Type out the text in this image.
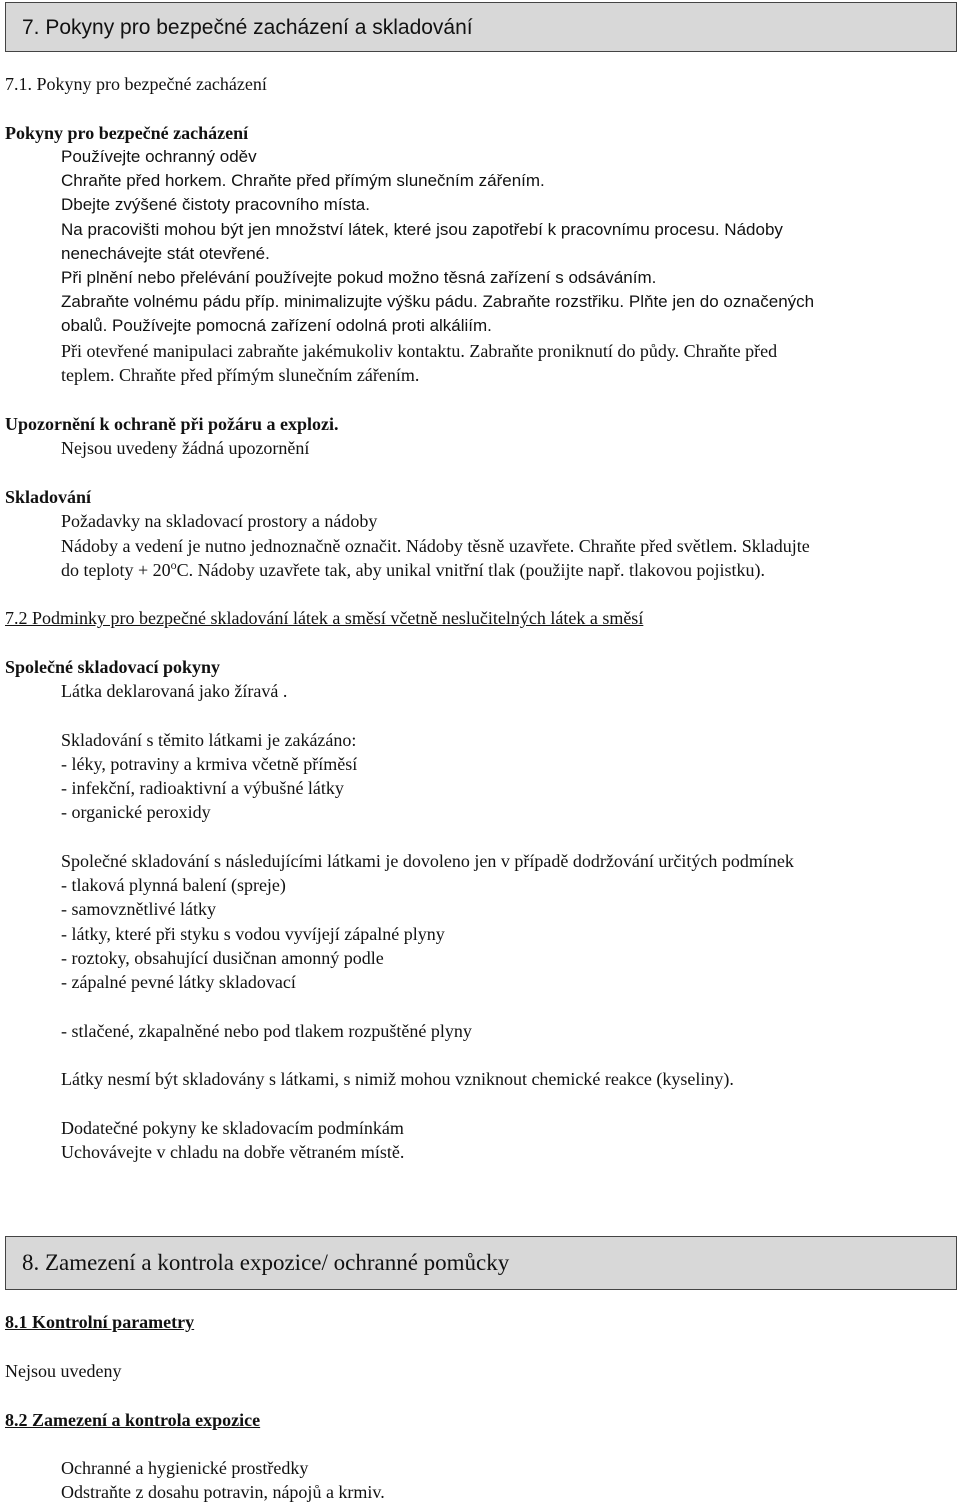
7. Pokyny pro bezpečné zacházení a skladování
7.1. Pokyny pro bezpečné zacházení
Pokyny pro bezpečné zacházení
Používejte ochranný oděv
Chraňte před horkem. Chraňte před přímým slunečním zářením.
Dbejte zvýšené čistoty pracovního místa.
Na pracovišti mohou být jen množství látek, které jsou zapotřebí k pracovnímu procesu. Nádoby
nenechávejte stát otevřené.
Při plnění nebo přelévání používejte pokud možno těsná zařízení s odsáváním.
Zabraňte volnému pádu příp. minimalizujte výšku pádu. Zabraňte rozstřiku. Plňte jen do označených
obalů. Používejte pomocná zařízení odolná proti alkáliím.
Při otevřené manipulaci zabraňte jakémukoliv kontaktu. Zabraňte proniknutí do půdy. Chraňte před
teplem. Chraňte před přímým slunečním zářením.
Upozornění k ochraně při požáru a explozi.
Nejsou uvedeny žádná upozornění
Skladování
Požadavky na skladovací prostory a nádoby
Nádoby a vedení je nutno jednoznačně označit. Nádoby těsně uzavřete. Chraňte před světlem. Skladujte
do teploty + $20^oC$. Nádoby uzavřete tak, aby unikal vnitřní tlak (použijte např. tlakovou pojistku).
7.2 Podminky pro bezpečné skladování látek a směsí včetně neslučitelných látek a směsí
Společné skladovací pokyny
Látka deklarovaná jako žíravá .
Skladování s těmito látkami je zakázáno:
- léky, potraviny a krmiva včetně příměsí
- infekční, radioaktivní a výbušné látky
- organické peroxidy
Společné skladování s následujícími látkami je dovoleno jen v případě dodržování určitých podmínek
- tlaková plynná balení (spreje)
- samovznětlivé látky
- látky, které při styku s vodou vyvíjejí zápalné plyny
- roztoky, obsahující dusičnan amonný podle
- zápalné pevné látky skladovací
- stlačené, zkapalněné nebo pod tlakem rozpuštěné plyny
Látky nesmí být skladovány s látkami, s nimiž mohou vzniknout chemické reakce (kyseliny).
Dodatečné pokyny ke skladovacím podmínkám
Uchovávejte v chladu na dobře větraném místě.
8. Zamezení a kontrola expozice/ ochranné pomůcky
8.1 Kontrolní parametry
Nejsou uvedeny
8.2 Zamezení a kontrola expozice
Ochranné a hygienické prostředky
Odstraňte z dosahu potravin, nápojů a krmiv.
